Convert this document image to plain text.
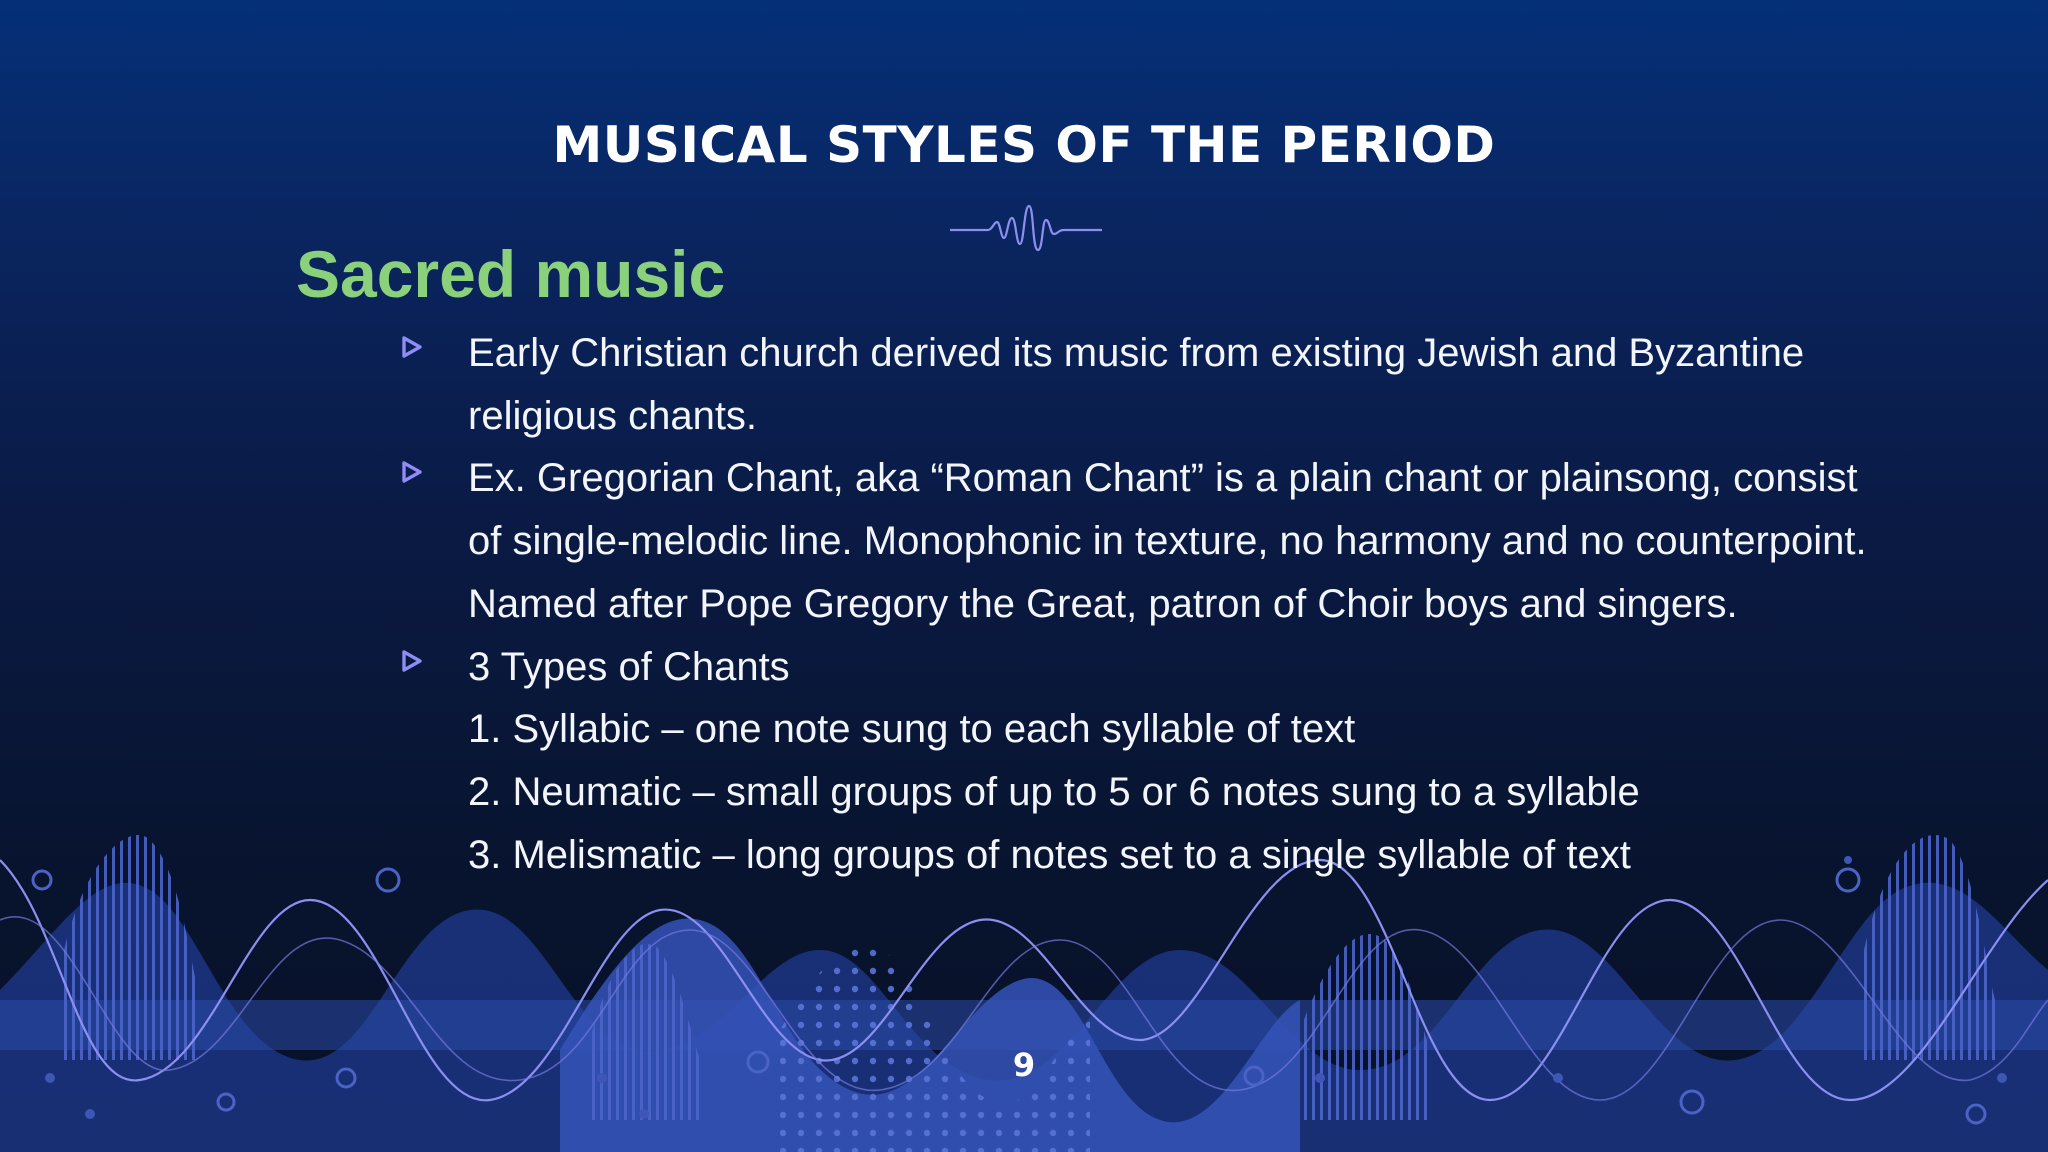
MUSICAL STYLES OF THE PERIOD
Sacred music
Early Christian church derived its music from existing Jewish and Byzantine religious chants.
Ex. Gregorian Chant, aka “Roman Chant” is a plain chant or plainsong, consist of single-melodic line. Monophonic in texture, no harmony and no counterpoint. Named after Pope Gregory the Great, patron of Choir boys and singers.
3 Types of Chants
1. Syllabic – one note sung to each syllable of text
2. Neumatic – small groups of up to 5 or 6 notes sung to a syllable
3. Melismatic – long groups of notes set to a single syllable of text
9
